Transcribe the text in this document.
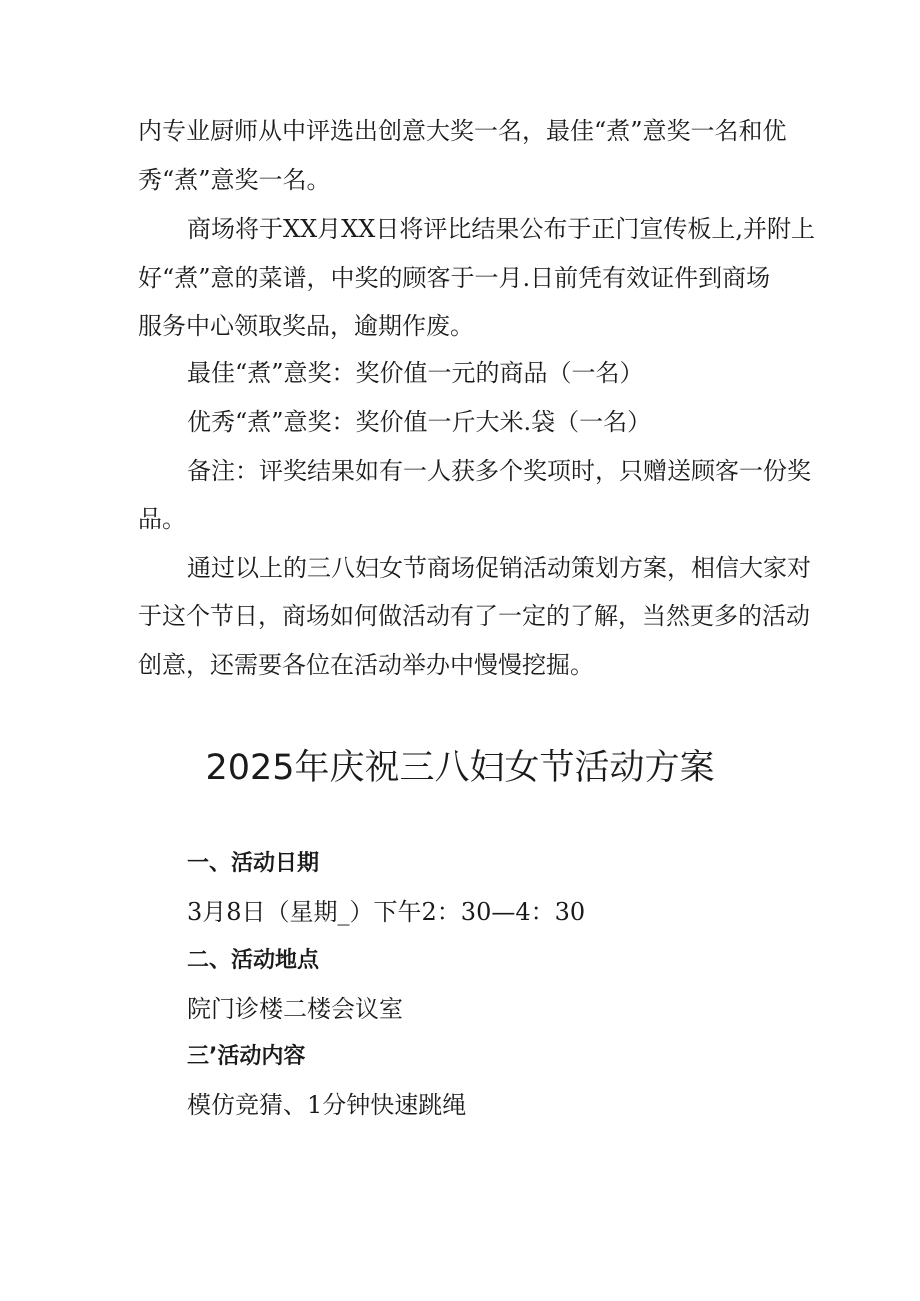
内专业厨师从中评选出创意大奖一名，最佳“煮”意奖一名和优
秀“煮”意奖一名。
商场将于XX月XX日将评比结果公布于正门宣传板上,并附上
好“煮”意的菜谱，中奖的顾客于一月.日前凭有效证件到商场
服务中心领取奖品，逾期作废。
最佳“煮”意奖：奖价值一元的商品（一名）
优秀“煮”意奖：奖价值一斤大米.袋（一名）
备注：评奖结果如有一人获多个奖项时，只赠送顾客一份奖
品。
通过以上的三八妇女节商场促销活动策划方案，相信大家对
于这个节日，商场如何做活动有了一定的了解，当然更多的活动
创意，还需要各位在活动举办中慢慢挖掘。
2025年庆祝三八妇女节活动方案
一、活动日期
3月8日（星期_）下午2：30—4：30
二、活动地点
院门诊楼二楼会议室
三’活动内容
模仿竞猜、1分钟快速跳绳
